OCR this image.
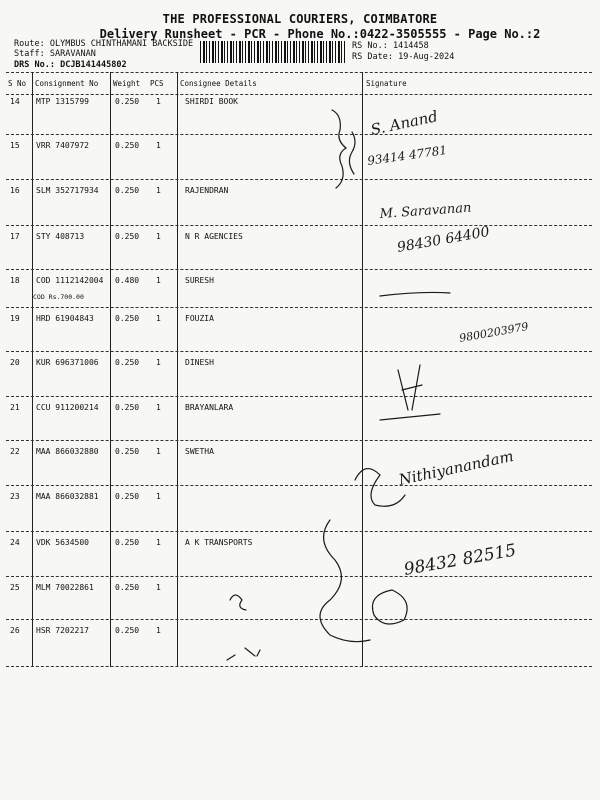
THE PROFESSIONAL COURIERS, COIMBATORE
Delivery Runsheet - PCR - Phone No.:0422-3505555 - Page No.:2
Route: OLYMBUS CHINTHAMANI BACKSIDE
Staff: SARAVANAN
DRS No.: DCJB141445802
RS No.: 1414458
RS Date: 19-Aug-2024
S No Consignment No Weight PCS Consignee Details	Signature
14 MTP 1315799	0.250 1	SHIRDI BOOK
15 VRR 7407972	0.250 1
16 SLM 352717934 0.250 1	RAJENDRAN
17 STY 408713	0.250 1	N R AGENCIES
18 COD 1112142004 0.480 1	SURESH
19 HRD 61904843	0.250 1	FOUZIA
20 KUR 696371006 0.250 1	DINESH
21 CCU 911200214 0.250 1	BRAYANLARA
22 MAA 866032880 0.250 1	SWETHA
23 MAA 866032881 0.250 1
24 VDK 5634500	0.250 1	A K TRANSPORTS
25 MLM 70022861	0.250 1
26 HSR 7202217	0.250 1
COD Rs.700.00
S. Anand
93414 47781
M. Saravanan
98430 64400
9800203979
Nithiyanandam
98432 82515
